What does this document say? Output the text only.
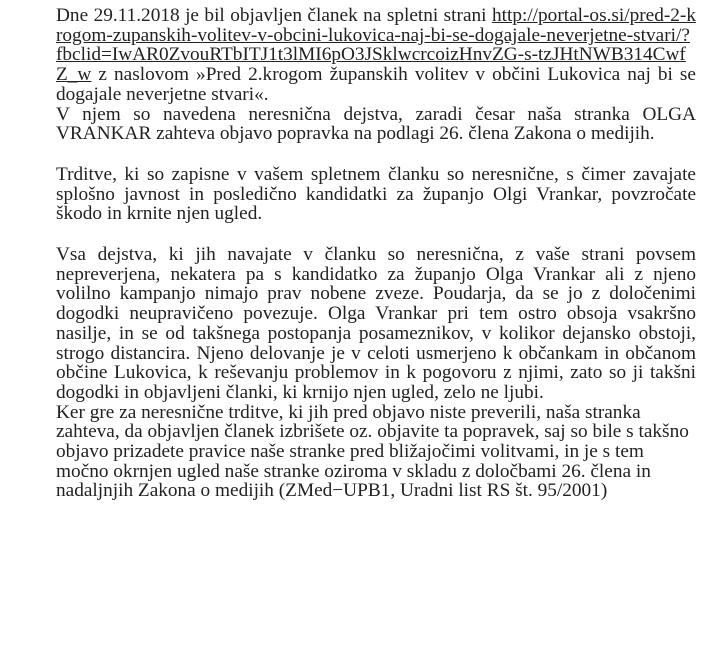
Dne 29.11.2018 je bil objavljen članek na spletni strani http://portal-os.si/pred-2-krogom-zupanskih-volitev-v-obcini-lukovica-naj-bi-se-dogajale-neverjetne-stvari/?fbclid=IwAR0ZvouRTbITJ1t3lMI6pO3JSklwcrcoizHnvZG-s-tzJHtNWB314CwfZ_w z naslovom »Pred 2.krogom županskih volitev v občini Lukovica naj bi se dogajale neverjetne stvari«.

V njem so navedena neresnična dejstva, zaradi česar naša stranka OLGA VRANKAR zahteva objavo popravka na podlagi 26. člena Zakona o medijih.

Trditve, ki so zapisne v vašem spletnem članku so neresnične, s čimer zavajate splošno javnost in posledično kandidatki za županjo Olgi Vrankar, povzročate škodo in krnite njen ugled.

Vsa dejstva, ki jih navajate v članku so neresnična, z vaše strani povsem nepreverjena, nekatera pa s kandidatko za županjo Olga Vrankar ali z njeno volilno kampanjo nimajo prav nobene zveze. Poudarja, da se jo z določenimi dogodki neupravičeno povezuje. Olga Vrankar pri tem ostro obsoja vsakršno nasilje, in se od takšnega postopanja posameznikov, v kolikor dejansko obstoji, strogo distancira. Njeno delovanje je v celoti usmerjeno k občankam in občanom občine Lukovica, k reševanju problemov in k pogovoru z njimi, zato so ji takšni dogodki in objavljeni članki, ki krnijo njen ugled, zelo ne ljubi.

Ker gre za neresnične trditve, ki jih pred objavo niste preverili, naša stranka zahteva, da objavljen članek izbrišete oz. objavite ta popravek, saj so bile s takšno objavo prizadete pravice naše stranke pred bližajočimi volitvami, in je s tem močno okrnjen ugled naše stranke oziroma v skladu z določbami 26. člena in nadaljnjih Zakona o medijih (ZMed−UPB1, Uradni list RS št. 95/2001)
